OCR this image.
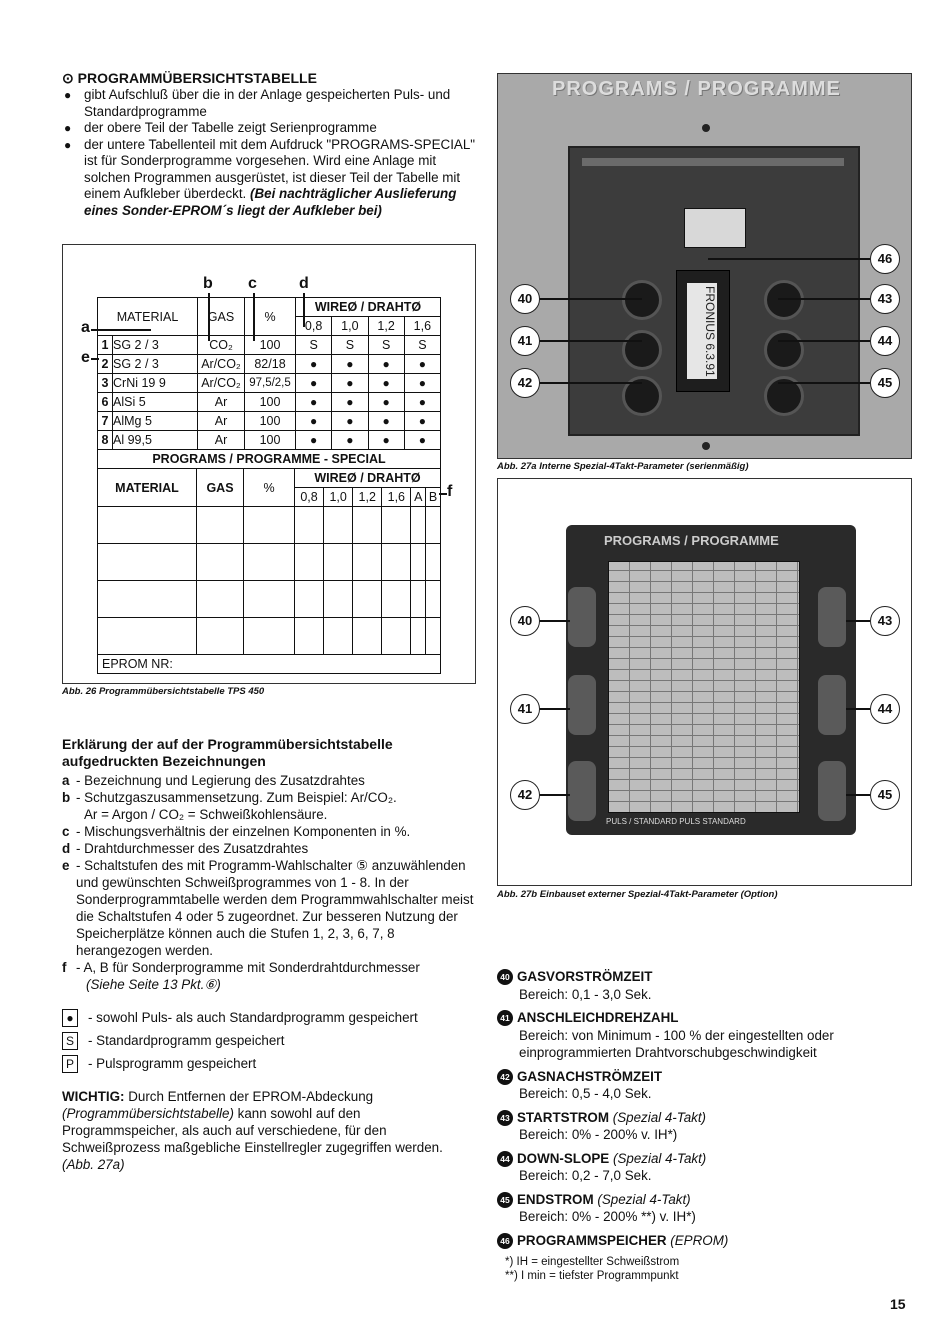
⊙ PROGRAMMÜBERSICHTSTABELLE
● gibt Aufschluß über die in der Anlage gespeicherten Puls- und Standardprogramme
● der obere Teil der Tabelle zeigt Serienprogramme
● der untere Tabellenteil mit dem Aufdruck "PROGRAMS-SPECIAL" ist für Sonderprogramme vorgesehen. Wird eine Anlage mit solchen Programmen ausgerüstet, ist dieser Teil der Tabelle mit einem Aufkleber überdeckt. (Bei nachträglicher Auslieferung eines Sonder-EPROM´s liegt der Aufkleber bei)
b c	d
a
e
f
MATERIAL		GAS	%	WIREØ / DRAHTØ			
				0,8	1,0	1,2	1,6
1	SG 2 / 3	CO₂	100	S	S	S	S
2	SG 2 / 3	Ar/CO₂	82/18	●	●	●	●
3	CrNi 19 9	Ar/CO₂	97,5/2,5	●	●	●	●
6	AlSi 5	Ar	100	●	●	●	●
7	AlMg 5	Ar	100	●	●	●	●
8	Al 99,5	Ar	100	●	●	●	●
PROGRAMS / PROGRAMME - SPECIAL								
MATERIAL	GAS	%	WIREØ / DRAHTØ					
			0,8	1,0	1,2	1,6	A	B

EPROM NR:								
Abb. 26 Programmübersichtstabelle TPS 450
PROGRAMS / PROGRAMME
FRONIUS 6.3.91
40
41
42
46
43
44
45
Abb. 27a Interne Spezial-4Takt-Parameter (serienmäßig)
PROGRAMS / PROGRAMME
PULS / STANDARD PULS STANDARD
40
41
42
43
44
45
Abb. 27b Einbauset externer Spezial-4Takt-Parameter (Option)
Erklärung der auf der Programmübersichtstabelle aufgedruckten Bezeichnungen
a - Bezeichnung und Legierung des Zusatzdrahtes
b - Schutzgaszusammensetzung. Zum Beispiel: Ar/CO₂.
Ar = Argon / CO₂ = Schweißkohlensäure.
c - Mischungsverhältnis der einzelnen Komponenten in %.
d - Drahtdurchmesser des Zusatzdrahtes
e - Schaltstufen des mit Programm-Wahlschalter ⑤ anzuwählenden und gewünschten Schweißprogrammes von 1 - 8. In der Sonderprogrammtabelle werden dem Programmwahlschalter meist die Schaltstufen 4 oder 5 zugeordnet. Zur besseren Nutzung der Speicherplätze können auch die Stufen 1, 2, 3, 6, 7, 8 herangezogen werden.
f - A, B für Sonderprogramme mit Sonderdrahtdurchmesser
(Siehe Seite 13 Pkt.⑥)
● - sowohl Puls- als auch Standardprogramm gespeichert
S - Standardprogramm gespeichert
P - Pulsprogramm gespeichert
WICHTIG: Durch Entfernen der EPROM-Abdeckung (Programmübersichtstabelle) kann sowohl auf den Programmspeicher, als auch auf verschiedene, für den Schweißprozess maßgebliche Einstellregler zugegriffen werden. (Abb. 27a)
40 GASVORSTRÖMZEIT
Bereich: 0,1 - 3,0 Sek.
41 ANSCHLEICHDREHZAHL
Bereich: von Minimum - 100 % der eingestellten oder einprogrammierten Drahtvorschubgeschwindigkeit
42 GASNACHSTRÖMZEIT
Bereich: 0,5 - 4,0 Sek.
43 STARTSTROM (Spezial 4-Takt)
Bereich: 0% - 200% v. IH*)
44 DOWN-SLOPE (Spezial 4-Takt)
Bereich: 0,2 - 7,0 Sek.
45 ENDSTROM (Spezial 4-Takt)
Bereich: 0% - 200% **) v. IH*)
46 PROGRAMMSPEICHER (EPROM)
*) IH = eingestellter Schweißstrom
**) I min = tiefster Programmpunkt
15
